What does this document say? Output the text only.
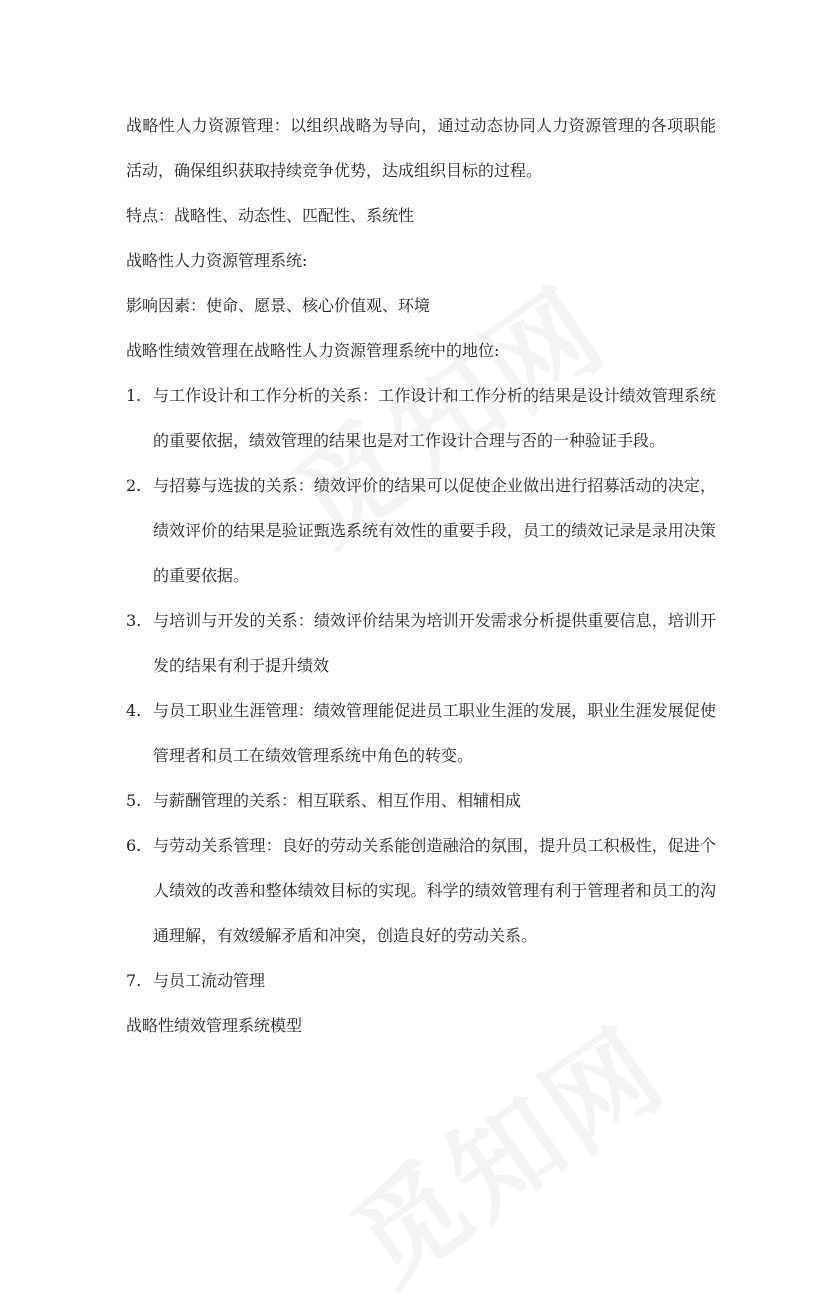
战略性人力资源管理：以组织战略为导向，通过动态协同人力资源管理的各项职能活动，确保组织获取持续竞争优势，达成组织目标的过程。

特点：战略性、动态性、匹配性、系统性

战略性人力资源管理系统:

影响因素：使命、愿景、核心价值观、环境

战略性绩效管理在战略性人力资源管理系统中的地位:

1. 与工作设计和工作分析的关系：工作设计和工作分析的结果是设计绩效管理系统的重要依据，绩效管理的结果也是对工作设计合理与否的一种验证手段。
2. 与招募与选拔的关系：绩效评价的结果可以促使企业做出进行招募活动的决定，绩效评价的结果是验证甄选系统有效性的重要手段，员工的绩效记录是录用决策的重要依据。
3. 与培训与开发的关系：绩效评价结果为培训开发需求分析提供重要信息，培训开发的结果有利于提升绩效
4. 与员工职业生涯管理：绩效管理能促进员工职业生涯的发展，职业生涯发展促使管理者和员工在绩效管理系统中角色的转变。
5. 与薪酬管理的关系：相互联系、相互作用、相辅相成
6. 与劳动关系管理：良好的劳动关系能创造融洽的氛围，提升员工积极性，促进个人绩效的改善和整体绩效目标的实现。科学的绩效管理有利于管理者和员工的沟通理解，有效缓解矛盾和冲突，创造良好的劳动关系。
7. 与员工流动管理

战略性绩效管理系统模型
